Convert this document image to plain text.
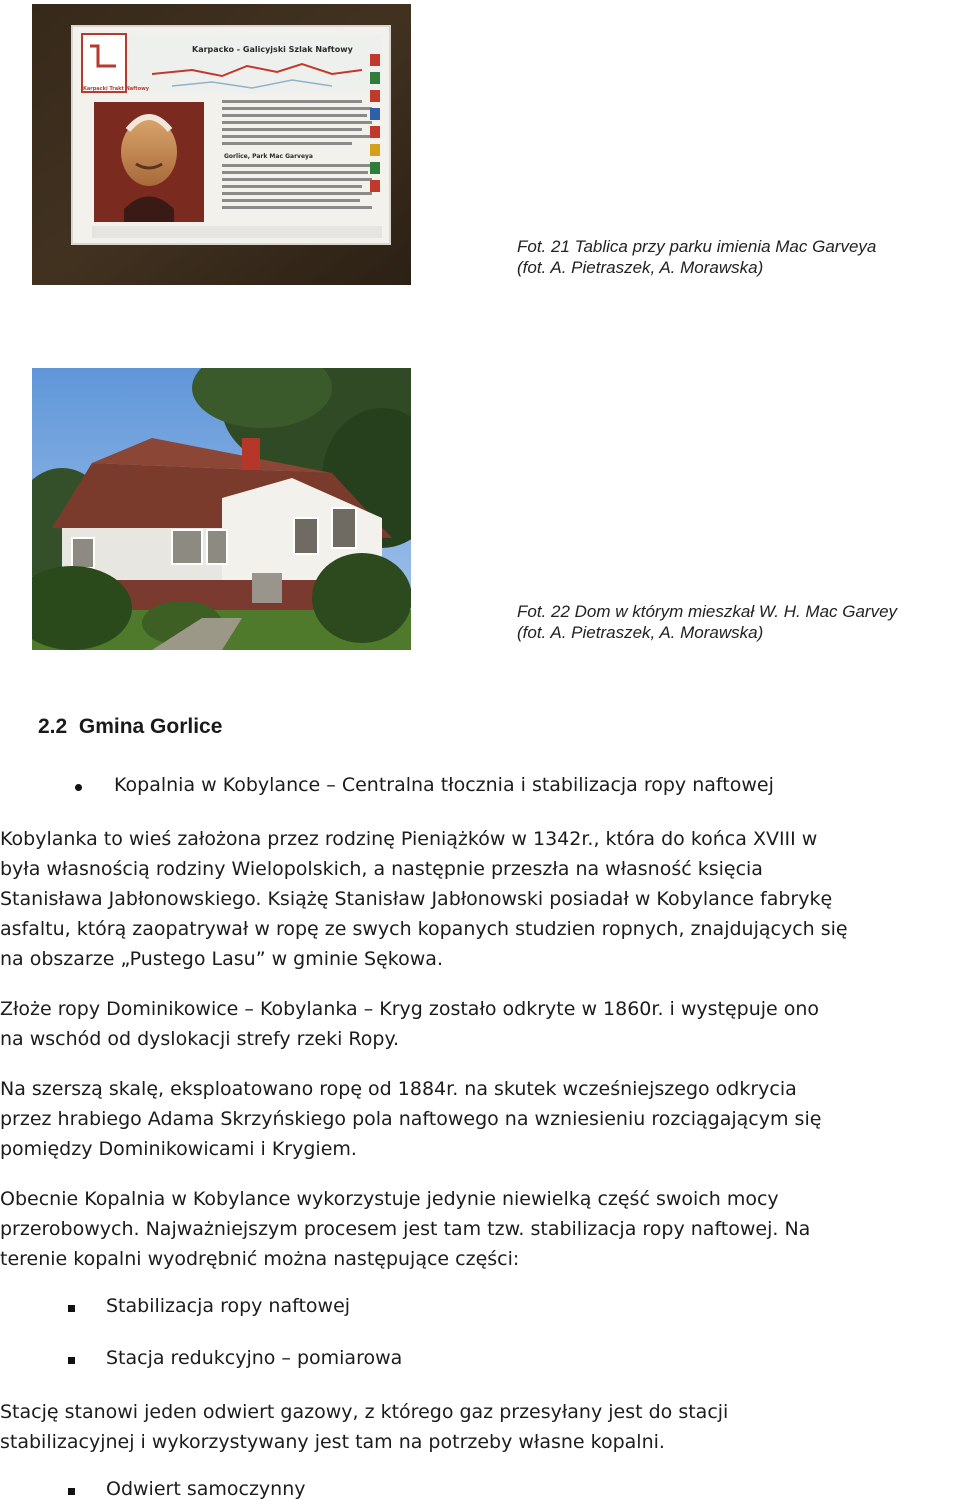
Karpacko - Galicyjski Szlak Naftowy
Karpacki Trakt Naftowy
Gorlice, Park Mac Garveya
Fot. 21 Tablica przy parku imienia Mac Garveya
(fot. A. Pietraszek, A. Morawska)
Fot. 22 Dom w którym mieszkał W. H. Mac Garvey
(fot. A. Pietraszek, A. Morawska)
2.2 Gmina Gorlice
Kopalnia w Kobylance – Centralna tłocznia i stabilizacja ropy naftowej
Kobylanka to wieś założona przez rodzinę Pieniążków w 1342r., która do końca XVIII w
była własnością rodziny Wielopolskich, a następnie przeszła na własność księcia
Stanisława Jabłonowskiego. Książę Stanisław Jabłonowski posiadał w Kobylance fabrykę
asfaltu, którą zaopatrywał w ropę ze swych kopanych studzien ropnych, znajdujących się
na obszarze „Pustego Lasu” w gminie Sękowa.
Złoże ropy Dominikowice – Kobylanka – Kryg zostało odkryte w 1860r. i występuje ono
na wschód od dyslokacji strefy rzeki Ropy.
Na szerszą skalę, eksploatowano ropę od 1884r. na skutek wcześniejszego odkrycia
przez hrabiego Adama Skrzyńskiego pola naftowego na wzniesieniu rozciągającym się
pomiędzy Dominikowicami i Krygiem.
Obecnie Kopalnia w Kobylance wykorzystuje jedynie niewielką część swoich mocy
przerobowych. Najważniejszym procesem jest tam tzw. stabilizacja ropy naftowej. Na
terenie kopalni wyodrębnić można następujące części:
Stabilizacja ropy naftowej
Stacja redukcyjno – pomiarowa
Stację stanowi jeden odwiert gazowy, z którego gaz przesyłany jest do stacji
stabilizacyjnej i wykorzystywany jest tam na potrzeby własne kopalni.
Odwiert samoczynny
